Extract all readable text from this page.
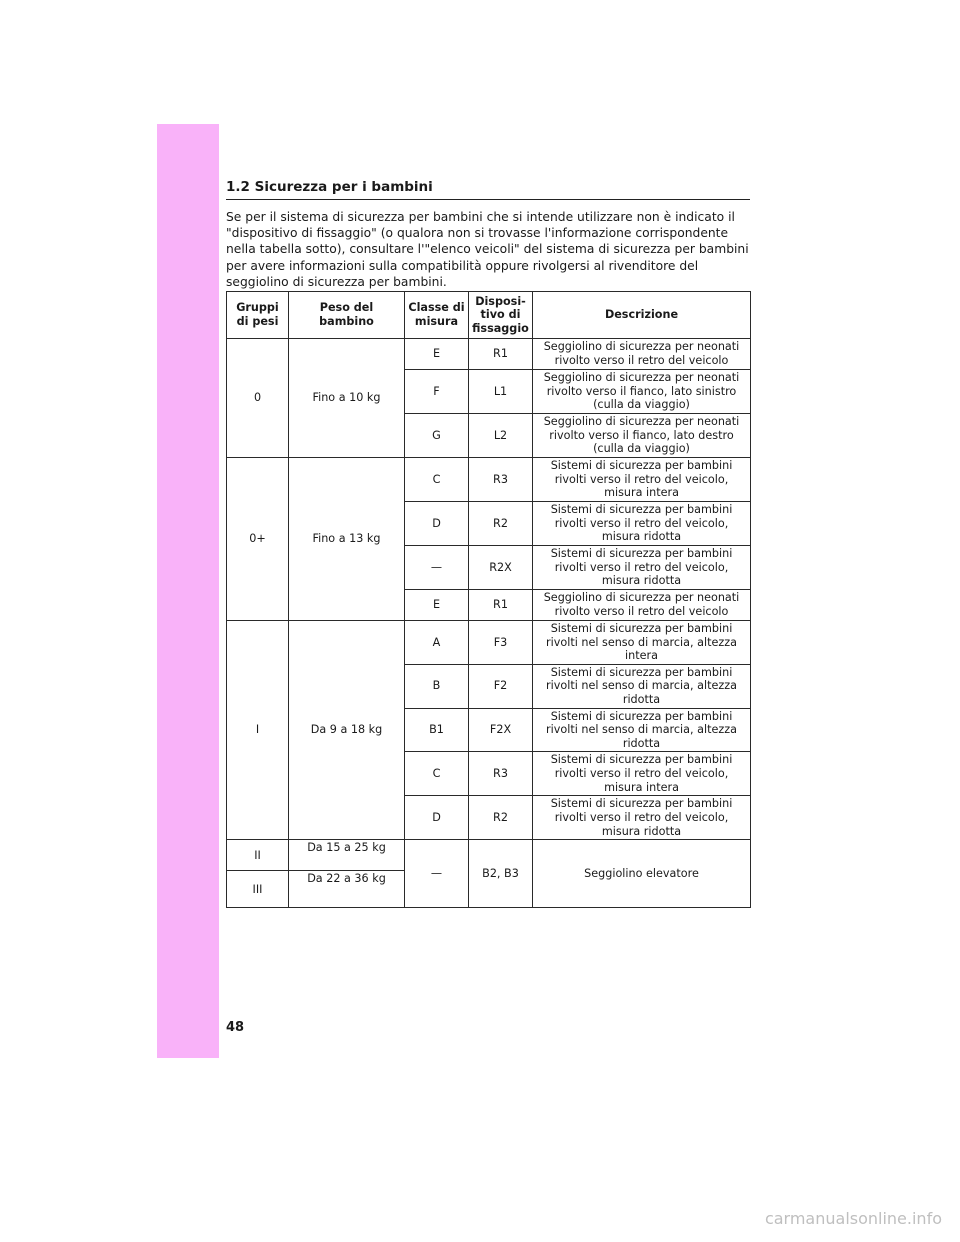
1.2 Sicurezza per i bambini
Se per il sistema di sicurezza per bambini che si intende utilizzare non è indicato il "dispositivo di fissaggio" (o qualora non si trovasse l'informazione corrispondente nella tabella sotto), consultare l'"elenco veicoli" del sistema di sicurezza per bambini per avere informazioni sulla compatibilità oppure rivolgersi al rivenditore del seggiolino di sicurezza per bambini.
Gruppi di pesi	Peso del bambino	Classe di misura	Disposi-tivo di fissaggio	Descrizione
0	Fino a 10 kg	E	R1	Seggiolino di sicurezza per neonati rivolto verso il retro del veicolo
		F	L1	Seggiolino di sicurezza per neonati rivolto verso il fianco, lato sinistro (culla da viaggio)
		G	L2	Seggiolino di sicurezza per neonati rivolto verso il fianco, lato destro (culla da viaggio)
0+	Fino a 13 kg	C	R3	Sistemi di sicurezza per bambini rivolti verso il retro del veicolo, misura intera
		D	R2	Sistemi di sicurezza per bambini rivolti verso il retro del veicolo, misura ridotta
		—	R2X	Sistemi di sicurezza per bambini rivolti verso il retro del veicolo, misura ridotta
		E	R1	Seggiolino di sicurezza per neonati rivolto verso il retro del veicolo
I	Da 9 a 18 kg	A	F3	Sistemi di sicurezza per bambini rivolti nel senso di marcia, altezza intera
		B	F2	Sistemi di sicurezza per bambini rivolti nel senso di marcia, altezza ridotta
		B1	F2X	Sistemi di sicurezza per bambini rivolti nel senso di marcia, altezza ridotta
		C	R3	Sistemi di sicurezza per bambini rivolti verso il retro del veicolo, misura intera
		D	R2	Sistemi di sicurezza per bambini rivolti verso il retro del veicolo, misura ridotta
II	Da 15 a 25 kg	—	B2, B3	Seggiolino elevatore
III	Da 22 a 36 kg			
48
carmanualsonline.info
